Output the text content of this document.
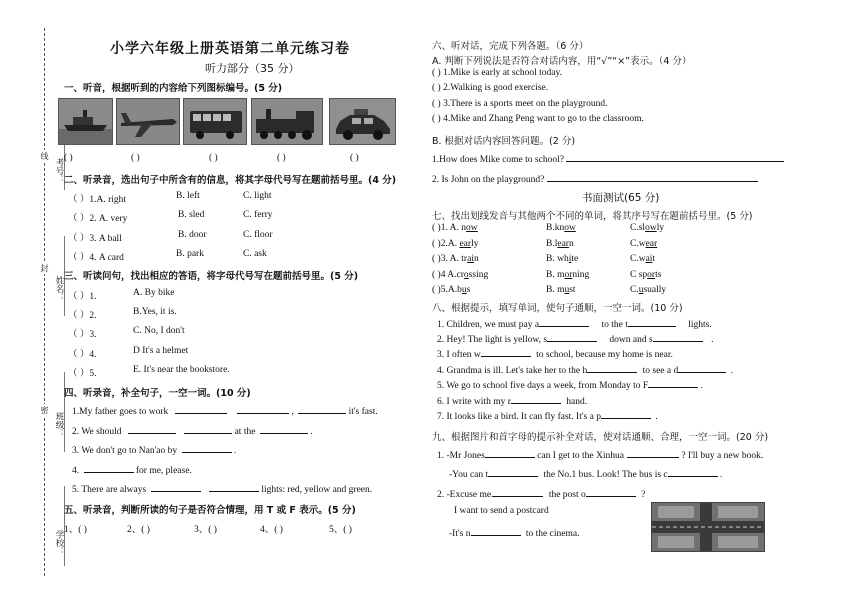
线
封
密
考号：
姓名：
班级：
学校：
小学六年级上册英语第二单元练习卷
听力部分（35 分）
一、听音，根据听到的内容给下列图标编号。(5 分)
( )	( )	( )	( )	( )
二、听录音，选出句子中所含有的信息，将其字母代号写在题前括号里。(4 分)
（ ）1.A. right	B. left	C. light
（ ）2. A. very	B. sled	C. ferry
（ ）3. A ball	B. door	C. floor
（ ）4. A card	B. park	C. ask
三、听读问句，找出相应的答语，将字母代号写在题前括号里。(5 分)
（ ）1.	A. By bike
（ ）2.	B.Yes, it is.
（ ）3.	C. No, I don't
（ ）4.	D It's a helmet
（ ）5.	E. It's near the bookstore.
四、听录音，补全句子，一空一词。(10 分)
1.My father goes to work	,	it's fast.
2. We should	at the	.
3. We don't go to Nan'ao by	.
4.	for me, please.
5. There are always	lights: red, yellow and green.
五、听录音，判断所读的句子是否符合情理，用 T 或 F 表示。(5 分)
1、( )	2、( )	3、( )	4、( )	5、( )
六、听对话，完成下列各题。（6 分）
A. 判断下列说法是否符合对话内容，用“√”“×”表示。（4 分）
( ) 1.Mike is early at school today.
( ) 2.Walking is good exercise.
( ) 3.There is a sports meet on the playground.
( ) 4.Mike and Zhang Peng want to go to the classroom.
B. 根据对话内容回答问题。(2 分)
1.How does Mike come to school?
2. Is John on the playground?
书面测试(65 分)
七、找出划线发音与其他两个不同的单词，将其序号写在题前括号里。(5 分)
( )1. A. now	B.know	C.slowly
( )2.A. early	B.learn	C.wear
( )3. A. train	B. white	C.wait
( )4 A.crossing	B. morning	C sports
( )5.A.bus	B. must	C.usually
八、根据提示，填写单词，使句子通顺，一空一词。(10 分)
1. Children, we must pay a	to the t	lights.
2. Hey! The light is yellow, s	down and s	.
3. I often w	to school, because my home is near.
4. Grandma is ill. Let's take her to the h	to see a d	.
5. We go to school five days a week, from Monday to F	.
6. I write with my r	hand.
7. It looks like a bird. It can fly fast. It's a p	.
九、根据图片和首字母的提示补全对话，使对话通顺、合理，一空一词。(20 分)
1. -Mr Jones	can I get to the Xinhua	? I'll buy a new book.
-You can t	the No.1 bus. Look! The bus is c	.
2. -Excuse me.	the post o	?
I want to send a postcard
-It's n	to the cinema.
